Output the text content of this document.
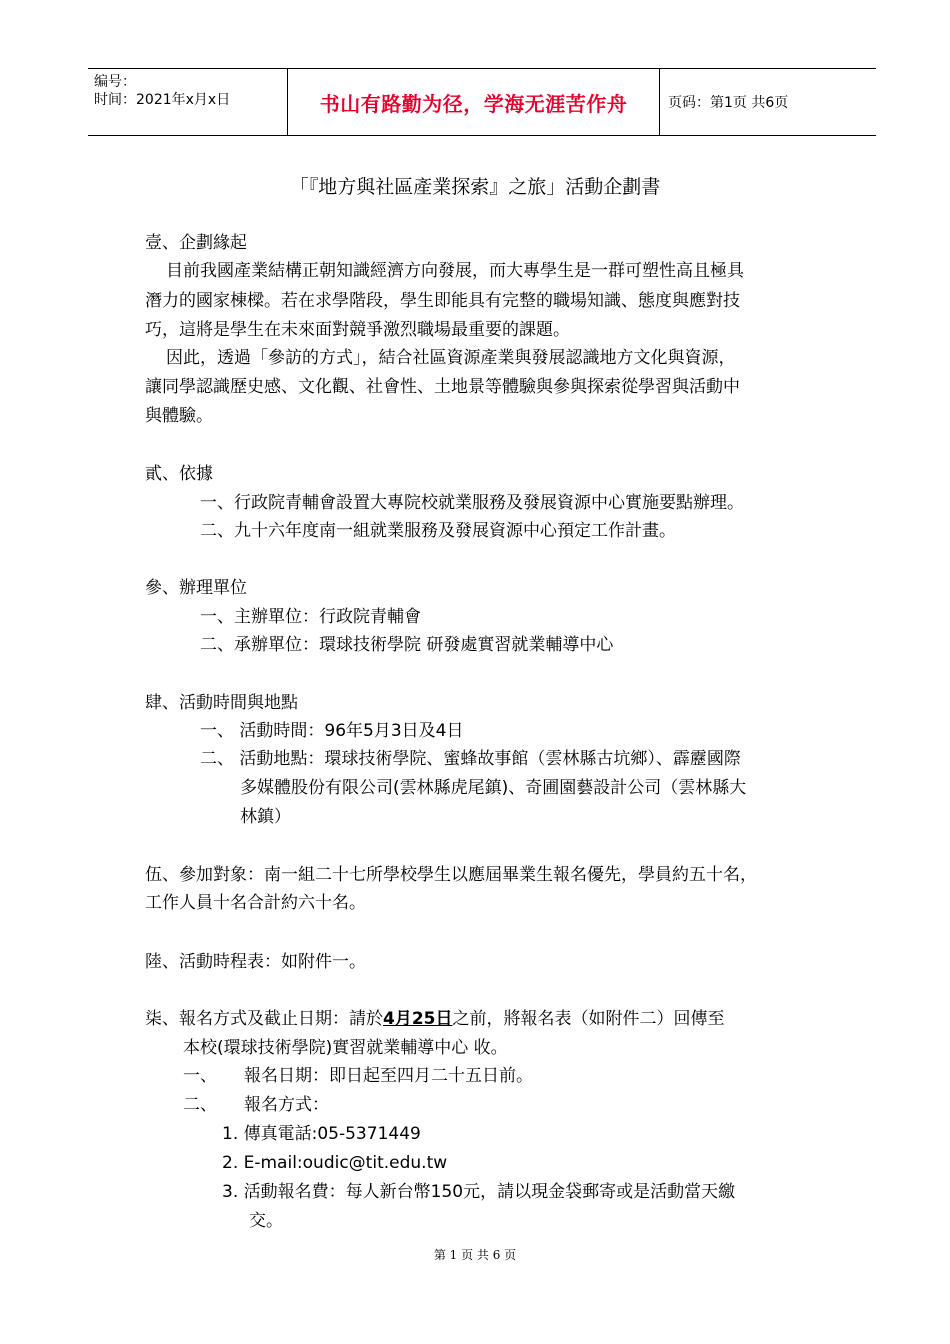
编号：
时间：2021年x月x日	书山有路勤为径，学海无涯苦作舟	页码：第1页 共6页
「『地方與社區產業探索』之旅」活動企劃書
壹、企劃緣起
目前我國產業結構正朝知識經濟方向發展，而大專學生是一群可塑性高且極具
潛力的國家棟樑。若在求學階段，學生即能具有完整的職場知識、態度與應對技
巧，這將是學生在未來面對競爭激烈職場最重要的課題。
因此，透過「參訪的方式」，結合社區資源產業與發展認識地方文化與資源，
讓同學認識歷史感、文化觀、社會性、土地景等體驗與參與探索從學習與活動中
與體驗。
貳、依據
一、行政院青輔會設置大專院校就業服務及發展資源中心實施要點辦理。
二、九十六年度南一組就業服務及發展資源中心預定工作計畫。
參、辦理單位
一、主辦單位：行政院青輔會
二、承辦單位：環球技術學院 研發處實習就業輔導中心
肆、活動時間與地點
一、 活動時間：96年5月3日及4日
二、 活動地點：環球技術學院、蜜蜂故事館（雲林縣古坑鄉）、霹靂國際
多媒體股份有限公司(雲林縣虎尾鎮)、奇圃園藝設計公司（雲林縣大
林鎮）
伍、參加對象：南一組二十七所學校學生以應屆畢業生報名優先，學員約五十名，
工作人員十名合計約六十名。
陸、活動時程表：如附件一。
柒、報名方式及截止日期：請於4月25日之前，將報名表（如附件二）回傳至
本校(環球技術學院)實習就業輔導中心 收。
一、 報名日期：即日起至四月二十五日前。
二、 報名方式：
1. 傳真電話:05-5371449
2. E-mail:oudic@tit.edu.tw
3. 活動報名費：每人新台幣150元，請以現金袋郵寄或是活動當天繳
交。
第 1 页 共 6 页
